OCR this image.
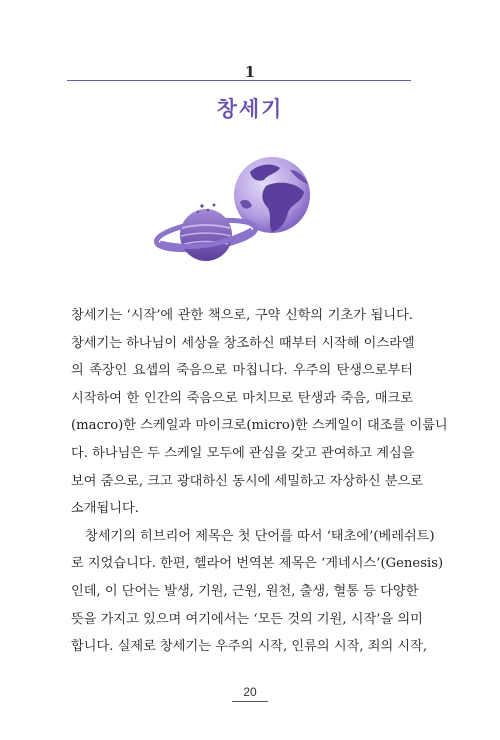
1
창세기
창세기는 ‘시작’에 관한 책으로, 구약 신학의 기초가 됩니다.
창세기는 하나님이 세상을 창조하신 때부터 시작해 이스라엘
의 족장인 요셉의 죽음으로 마칩니다. 우주의 탄생으로부터
시작하여 한 인간의 죽음으로 마치므로 탄생과 죽음, 매크로
(macro)한 스케일과 마이크로(micro)한 스케일이 대조를 이룹니
다. 하나님은 두 스케일 모두에 관심을 갖고 관여하고 계심을
보여 줌으로, 크고 광대하신 동시에 세밀하고 자상하신 분으로
소개됩니다.
창세기의 히브리어 제목은 첫 단어를 따서 ‘태초에’(베레쉬트)
로 지었습니다. 한편, 헬라어 번역본 제목은 ‘게네시스’(Genesis)
인데, 이 단어는 발생, 기원, 근원, 원천, 출생, 혈통 등 다양한
뜻을 가지고 있으며 여기에서는 ‘모든 것의 기원, 시작’을 의미
합니다. 실제로 창세기는 우주의 시작, 인류의 시작, 죄의 시작,
20
